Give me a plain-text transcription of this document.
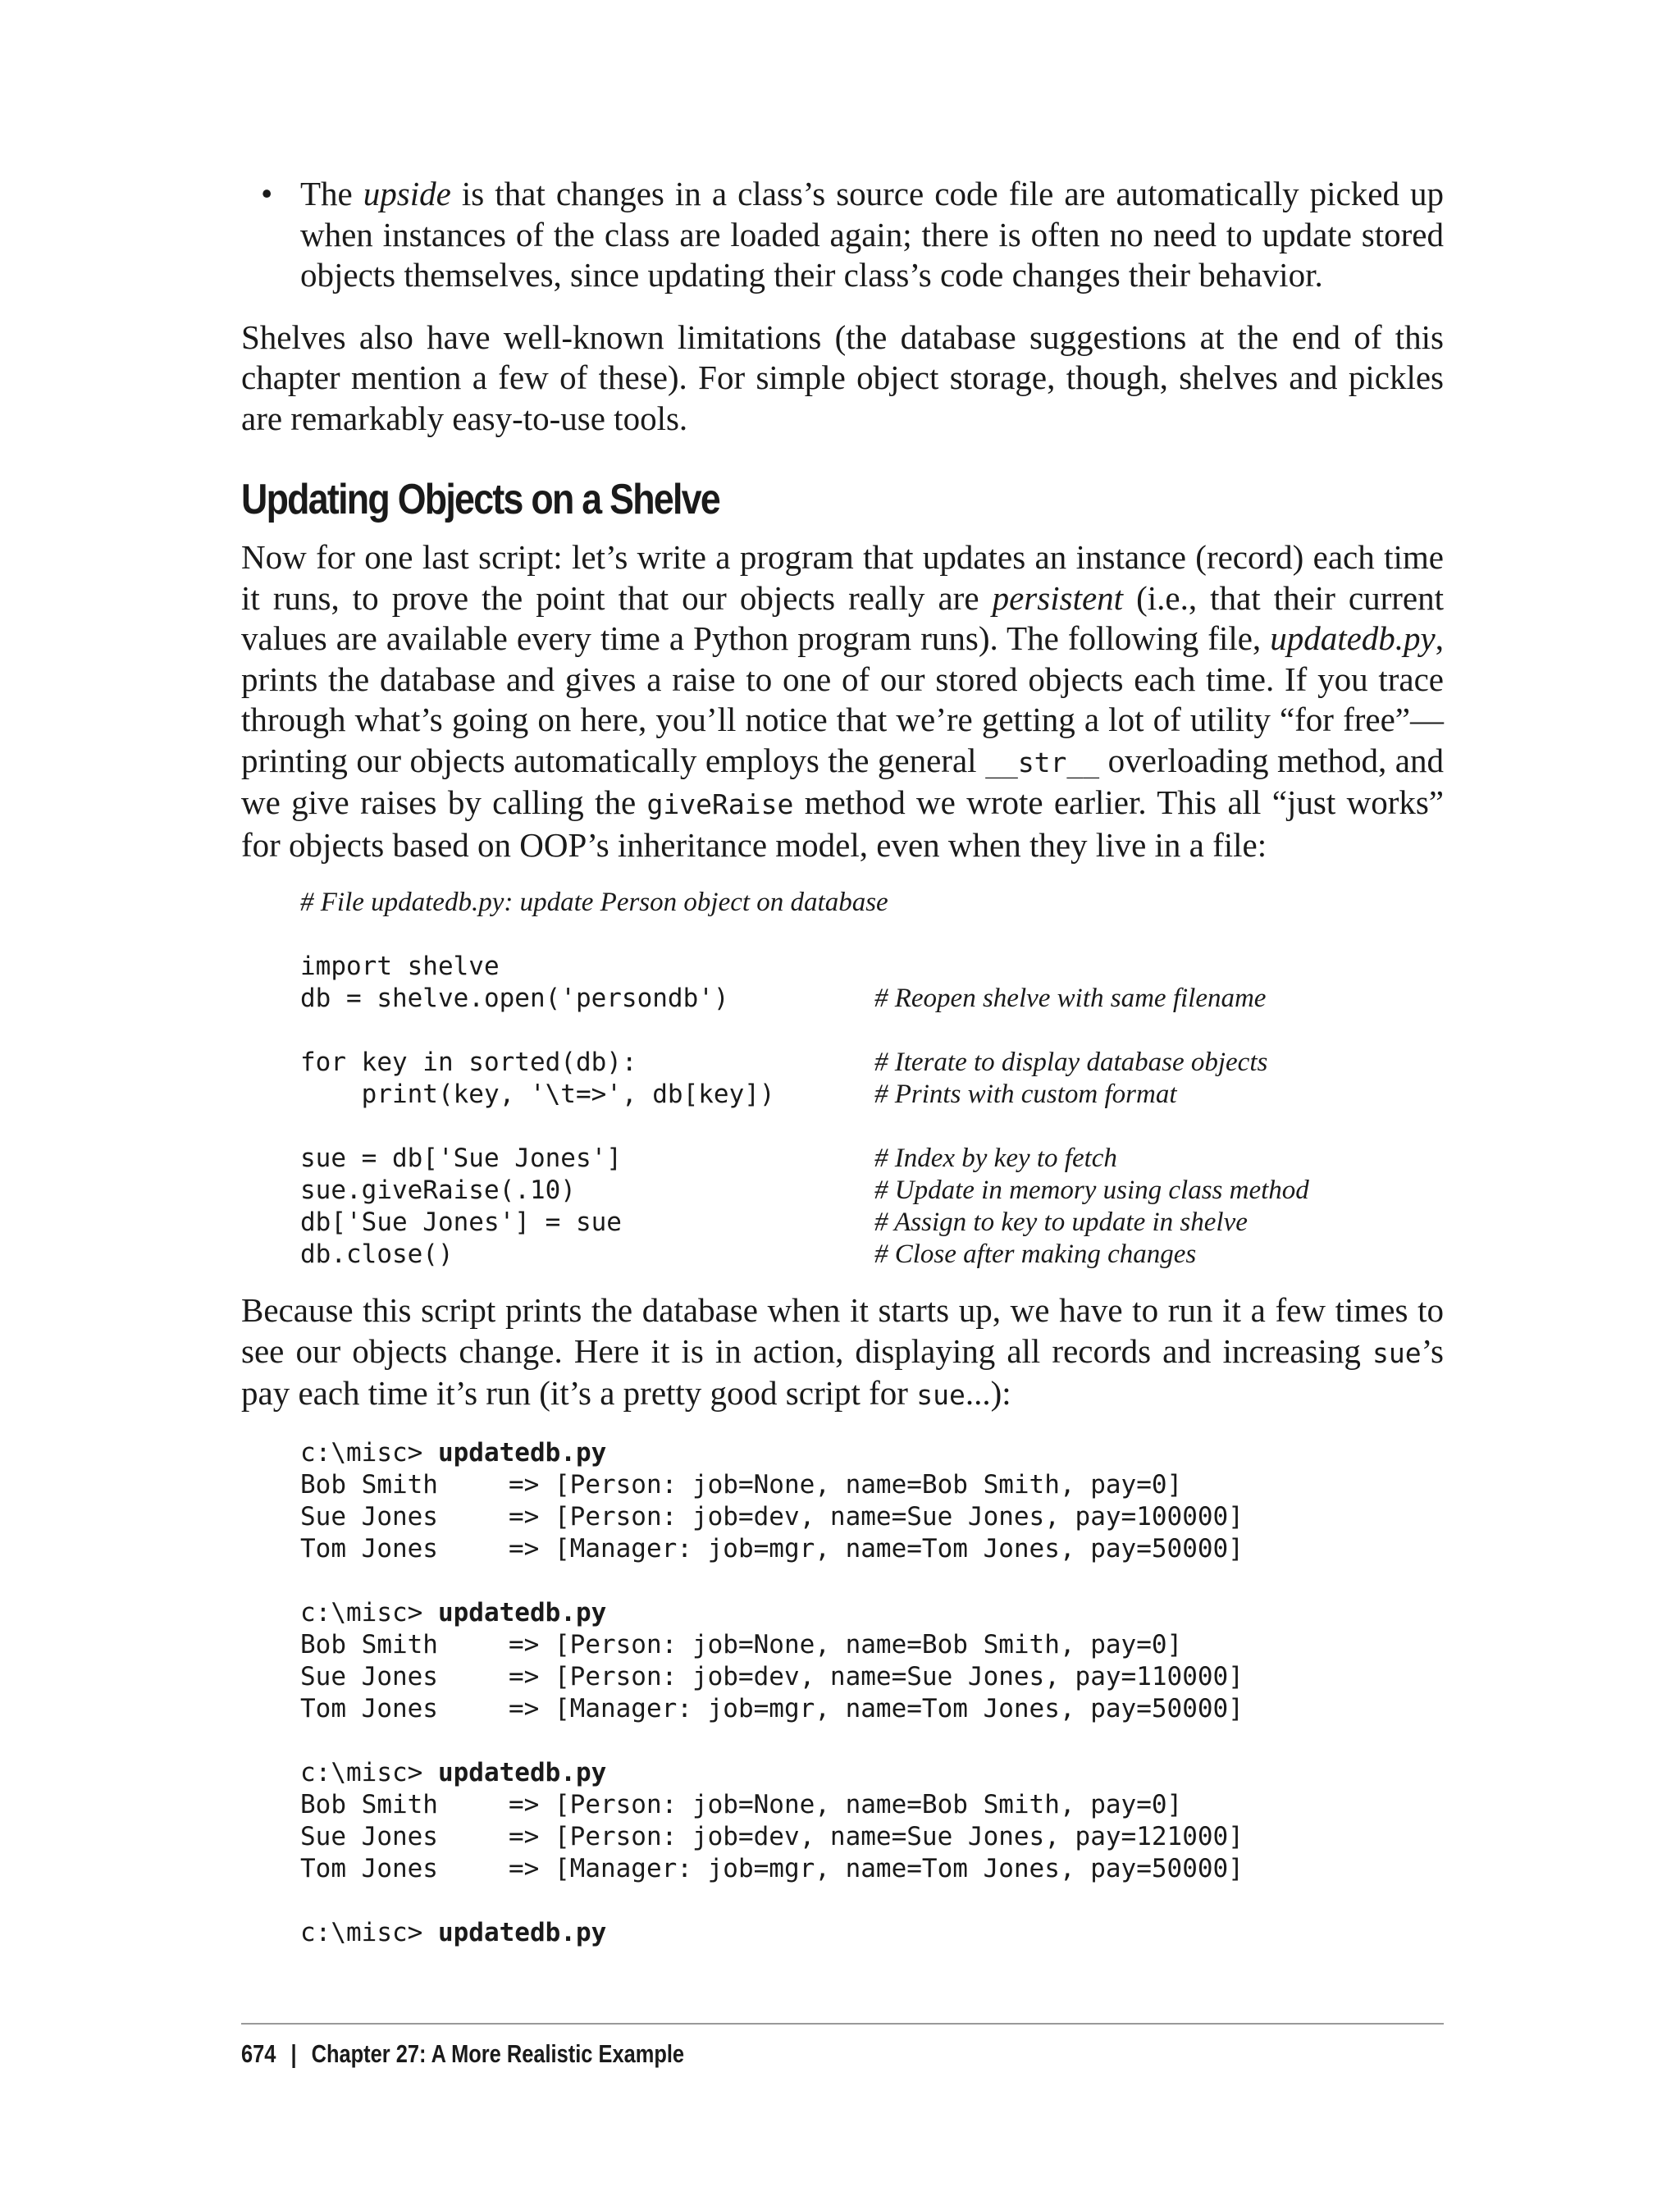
• The upside is that changes in a class’s source code file are automatically picked up when instances of the class are loaded again; there is often no need to update stored objects themselves, since updating their class’s code changes their behavior.

Shelves also have well-known limitations (the database suggestions at the end of this chapter mention a few of these). For simple object storage, though, shelves and pickles are remarkably easy-to-use tools.

Updating Objects on a Shelve

Now for one last script: let’s write a program that updates an instance (record) each time it runs, to prove the point that our objects really are persistent (i.e., that their current values are available every time a Python program runs). The following file, updatedb.py, prints the database and gives a raise to one of our stored objects each time. If you trace through what’s going on here, you’ll notice that we’re getting a lot of utility “for free”—printing our objects automatically employs the general __str__ overloading method, and we give raises by calling the giveRaise method we wrote earlier. This all “just works” for objects based on OOP’s inheritance model, even when they live in a file:

# File updatedb.py: update Person object on database
import shelve
db = shelve.open('persondb')	# Reopen shelve with same filename
for key in sorted(db):	# Iterate to display database objects
print(key, '\t=>', db[key])	# Prints with custom format
sue = db['Sue Jones']	# Index by key to fetch
sue.giveRaise(.10)	# Update in memory using class method
db['Sue Jones'] = sue	# Assign to key to update in shelve
db.close()	# Close after making changes

Because this script prints the database when it starts up, we have to run it a few times to see our objects change. Here it is in action, displaying all records and increasing sue’s pay each time it’s run (it’s a pretty good script for sue...):

c:\misc> updatedb.py
Bob Smith	=> [Person: job=None, name=Bob Smith, pay=0]
Sue Jones	=> [Person: job=dev, name=Sue Jones, pay=100000]
Tom Jones	=> [Manager: job=mgr, name=Tom Jones, pay=50000]
c:\misc> updatedb.py
Bob Smith	=> [Person: job=None, name=Bob Smith, pay=0]
Sue Jones	=> [Person: job=dev, name=Sue Jones, pay=110000]
Tom Jones	=> [Manager: job=mgr, name=Tom Jones, pay=50000]
c:\misc> updatedb.py
Bob Smith	=> [Person: job=None, name=Bob Smith, pay=0]
Sue Jones	=> [Person: job=dev, name=Sue Jones, pay=121000]
Tom Jones	=> [Manager: job=mgr, name=Tom Jones, pay=50000]
c:\misc> updatedb.py
674 | Chapter 27: A More Realistic Example
